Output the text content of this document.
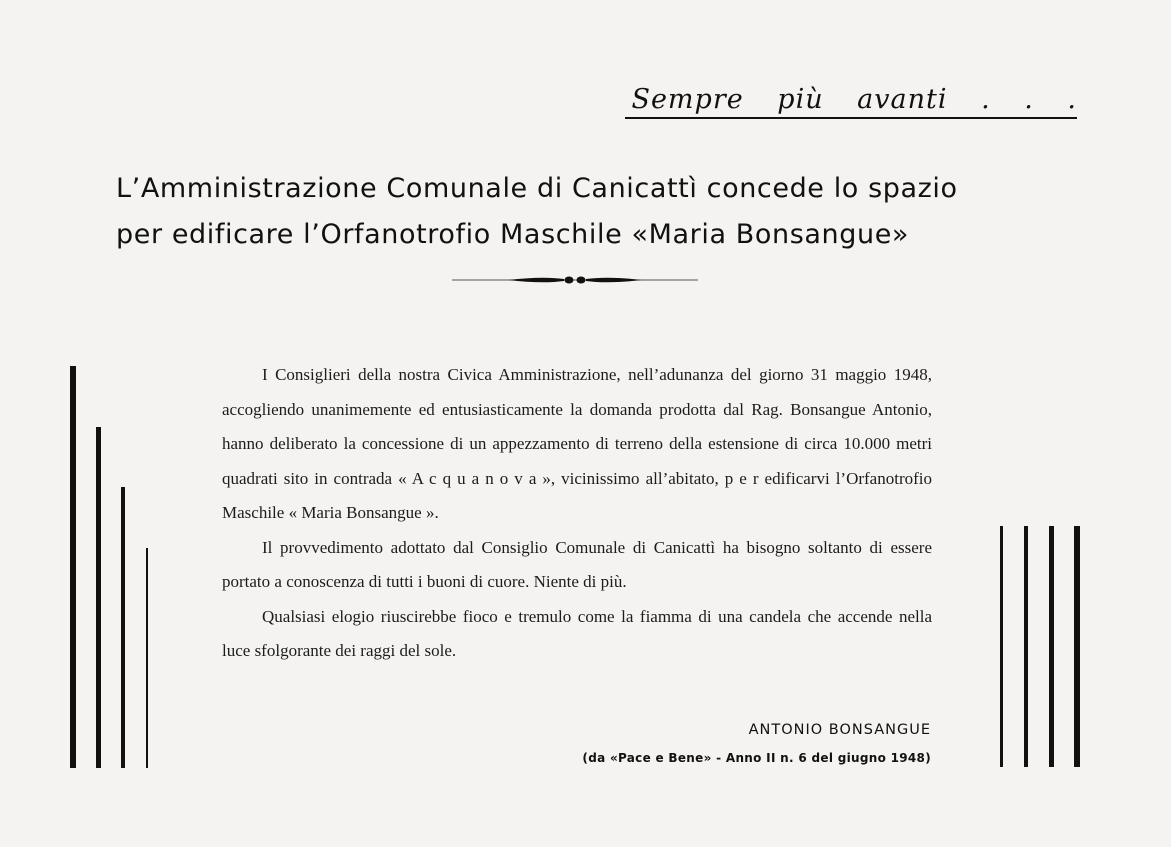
Sempre più avanti . . .
L’Amministrazione Comunale di Canicattì concede lo spazio
per edificare l’Orfanotrofio Maschile «Maria Bonsangue»

I Consiglieri della nostra Civica Amministrazione, nell’adunanza del giorno 31 maggio 1948, accogliendo unanimemente ed entusiasticamente la domanda prodotta dal Rag. Bonsangue Antonio, hanno deliberato la concessione di un appezzamento di terreno della estensione di circa 10.000 metri quadrati sito in contrada « A c q u a n o v a », vicinissimo all’abitato, p e r edificarvi l’Orfanotrofio Maschile « Maria Bonsangue ».

Il provvedimento adottato dal Consiglio Comunale di Canicattì ha bisogno soltanto di essere portato a conoscenza di tutti i buoni di cuore. Niente di più.

Qualsiasi elogio riuscirebbe fioco e tremulo come la fiamma di una candela che accende nella luce sfolgorante dei raggi del sole.

ANTONIO BONSANGUE
(da «Pace e Bene» - Anno II n. 6 del giugno 1948)
